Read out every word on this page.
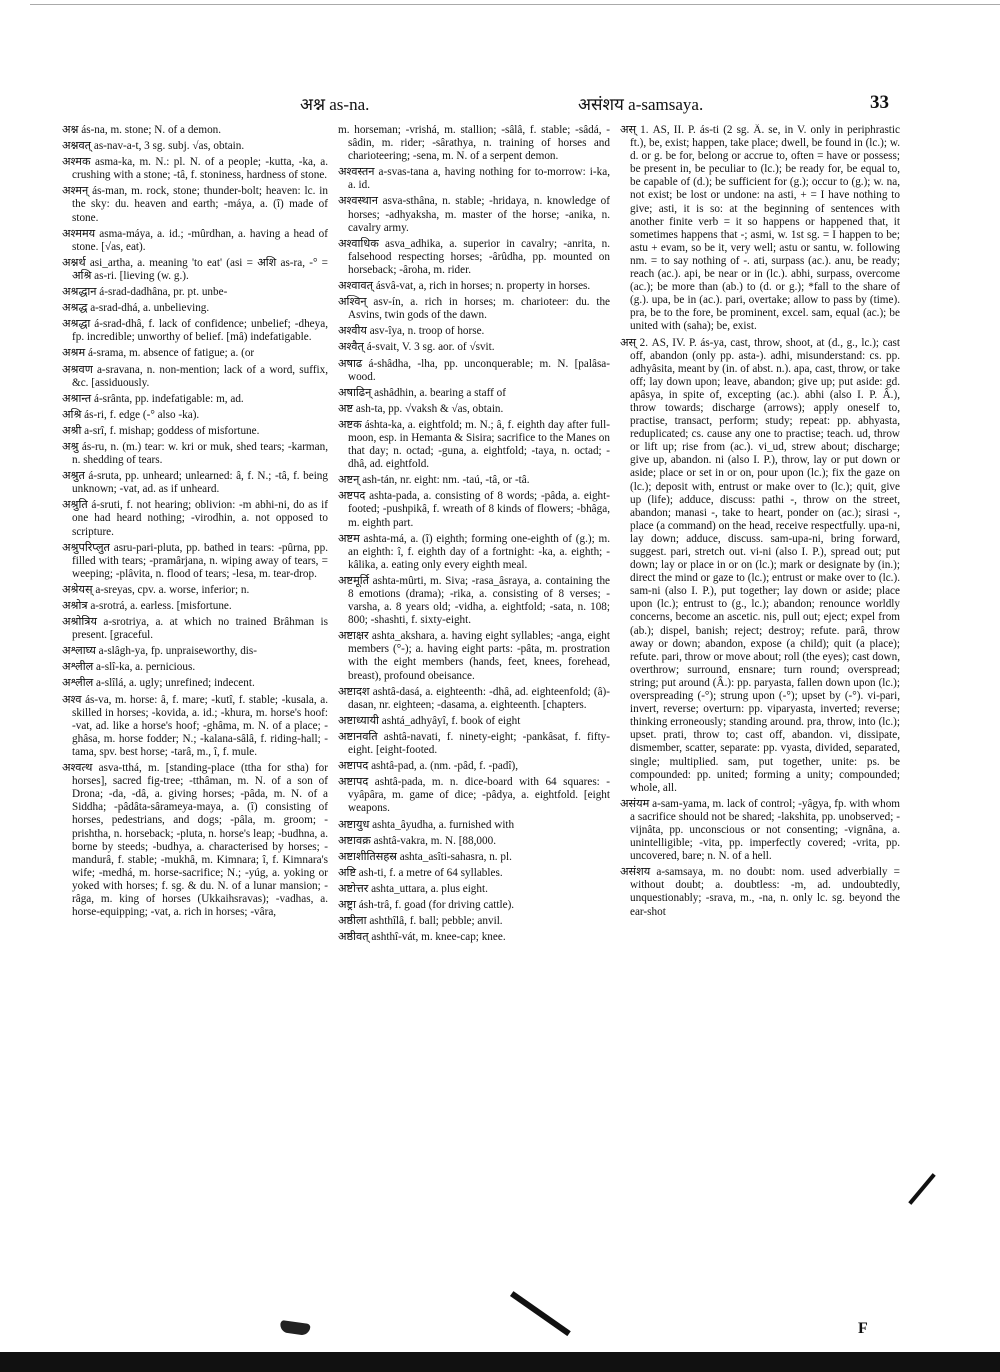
अश्न as-na.	असंशय a-samsaya.	33

अश्न ás-na, m. stone; N. of a demon.

अश्नवत् as-nav-a-t, 3 sg. subj. √as, obtain.

अश्मक asma-ka, m. N.: pl. N. of a people; -kutta, -ka, a. crushing with a stone; -tâ, f. stoniness, hardness of stone.

अश्मन् ás-man, m. rock, stone; thunder-bolt; heaven: lc. in the sky: du. heaven and earth; -máya, a. (î) made of stone.

अश्ममय asma-máya, a. id.; -mûrdhan, a. having a head of stone. [√as, eat).

अश्नर्थ asi_artha, a. meaning 'to eat' (asi = अशि as-ra, -° = अश्रि as-ri. [lieving (w. g.).

अश्रद्धान á-srad-dadhâna, pr. pt. unbe-

अश्रद्ध a-srad-dhá, a. unbelieving.

अश्रद्धा á-srad-dhâ, f. lack of confidence; unbelief; -dheya, fp. incredible; unworthy of belief. [mâ) indefatigable.

अश्रम á-srama, m. absence of fatigue; a. (or

अश्रवण a-sravana, n. non-mention; lack of a word, suffix, &c. [assiduously.

अश्रान्त á-srânta, pp. indefatigable: m, ad.

अश्रि ás-ri, f. edge (-° also -ka).

अश्री a-srî, f. mishap; goddess of misfortune.

अश्रु ás-ru, n. (m.) tear: w. kri or muk, shed tears; -karman, n. shedding of tears.

अश्रुत á-sruta, pp. unheard; unlearned: â, f. N.; -tâ, f. being unknown; -vat, ad. as if unheard.

अश्रुति á-sruti, f. not hearing; oblivion: -m abhi-ni, do as if one had heard nothing; -virodhin, a. not opposed to scripture.

अश्रुपरिप्लुत asru-pari-pluta, pp. bathed in tears: -pûrna, pp. filled with tears; -pramârjana, n. wiping away of tears, = weeping; -plâvita, n. flood of tears; -lesa, m. tear-drop.

अश्रेयस् a-sreyas, cpv. a. worse, inferior; n.

अश्रोत्र a-srotrá, a. earless. [misfortune.

अश्रोत्रिय a-srotriya, a. at which no trained Brâhman is present. [graceful.

अश्लाघ्य a-slâgh-ya, fp. unpraiseworthy, dis-

अश्लील a-slî-ka, a. pernicious.

अश्लील a-slîlá, a. ugly; unrefined; indecent.

अश्व ás-va, m. horse: â, f. mare; -kutî, f. stable; -kusala, a. skilled in horses; -kovida, a. id.; -khura, m. horse's hoof: -vat, ad. like a horse's hoof; -ghâma, m. N. of a place; -ghâsa, m. horse fodder; N.; -kalana-sâlâ, f. riding-hall; -tama, spv. best horse; -tarâ, m., î, f. mule.

अश्वत्थ asva-tthá, m. [standing-place (ttha for stha) for horses], sacred fig-tree; -tthâman, m. N. of a son of Drona; -da, -dâ, a. giving horses; -pâda, m. N. of a Siddha; -pâdâta-sârameya-maya, a. (î) consisting of horses, pedestrians, and dogs; -pâla, m. groom; -prishtha, n. horseback; -pluta, n. horse's leap; -budhna, a. borne by steeds; -budhya, a. characterised by horses; -mandurâ, f. stable; -mukhâ, m. Kimnara; î, f. Kimnara's wife; -medhá, m. horse-sacrifice; N.; -yúg, a. yoking or yoked with horses; f. sg. & du. N. of a lunar mansion; -râga, m. king of horses (Ukkaihsravas); -vadhas, a. horse-equipping; -vat, a. rich in horses; -vâra,

m. horseman; -vrishá, m. stallion; -sâlâ, f. stable; -sâdá, -sâdin, m. rider; -sârathya, n. training of horses and charioteering; -sena, m. N. of a serpent demon.

अश्वस्तन a-svas-tana a, having nothing for to-morrow: i-ka, a. id.

अश्वस्थान asva-sthâna, n. stable; -hridaya, n. knowledge of horses; -adhyaksha, m. master of the horse; -anika, n. cavalry army.

अश्वाधिक asva_adhika, a. superior in cavalry; -anrita, n. falsehood respecting horses; -ârûdha, pp. mounted on horseback; -âroha, m. rider.

अश्वावत् ásvâ-vat, a, rich in horses; n. property in horses.

अश्विन् asv-ín, a. rich in horses; m. charioteer: du. the Asvins, twin gods of the dawn.

अश्वीय asv-îya, n. troop of horse.

अश्वैत् á-svait, V. 3 sg. aor. of √svit.

अषाढ á-shâdha, -lha, pp. unconquerable; m. N. [palâsa-wood.

अषाढिन् ashâdhin, a. bearing a staff of

अष्ट ash-ta, pp. √vaksh & √as, obtain.

अष्टक áshta-ka, a. eightfold; m. N.; â, f. eighth day after full-moon, esp. in Hemanta & Sisira; sacrifice to the Manes on that day; n. octad; -guna, a. eightfold; -taya, n. octad; -dhâ, ad. eightfold.

अष्टन् ash-tán, nr. eight: nm. -taú, -tâ, or -tâ.

अष्टपद ashta-pada, a. consisting of 8 words; -pâda, a. eight-footed; -pushpikâ, f. wreath of 8 kinds of flowers; -bhâga, m. eighth part.

अष्टम ashta-má, a. (î) eighth; forming one-eighth of (g.); m. an eighth: î, f. eighth day of a fortnight: -ka, a. eighth; -kâlika, a. eating only every eighth meal.

अष्टमूर्ति ashta-mûrti, m. Siva; -rasa_âsraya, a. containing the 8 emotions (drama); -rika, a. consisting of 8 verses; -varsha, a. 8 years old; -vidha, a. eightfold; -sata, n. 108; 800; -shashti, f. sixty-eight.

अष्टाक्षर ashta_akshara, a. having eight syllables; -anga, eight members (°-); a. having eight parts: -pâta, m. prostration with the eight members (hands, feet, knees, forehead, breast), profound obeisance.

अष्टादश ashtâ-dasá, a. eighteenth: -dhâ, ad. eighteenfold; (â)-dasan, nr. eighteen; -dasama, a. eighteenth. [chapters.

अष्टाध्यायी ashtá_adhyâyî, f. book of eight

अष्टानवति ashtâ-navati, f. ninety-eight; -pankâsat, f. fifty-eight. [eight-footed.

अष्टापद ashtâ-pad, a. (nm. -pâd, f. -padî),

अष्टापद ashtâ-pada, m. n. dice-board with 64 squares: -vyâpâra, m. game of dice; -pâdya, a. eightfold. [eight weapons.

अष्टायुध ashta_âyudha, a. furnished with

अष्टावक्र ashtâ-vakra, m. N. [88,000.

अष्टाशीतिसहस्र ashta_asîti-sahasra, n. pl.

अष्टि ash-ti, f. a metre of 64 syllables.

अष्टोत्तर ashta_uttara, a. plus eight.

अष्ट्रा ásh-trâ, f. goad (for driving cattle).

अष्ठीला ashthîlâ, f. ball; pebble; anvil.

अष्ठीवत् ashthî-vát, m. knee-cap; knee.

अस् 1. AS, II. P. ás-ti (2 sg. Â. se, in V. only in periphrastic ft.), be, exist; happen, take place; dwell, be found in (lc.); w. d. or g. be for, belong or accrue to, often = have or possess; be present in, be peculiar to (lc.); be ready for, be equal to, be capable of (d.); be sufficient for (g.); occur to (g.); w. na, not exist; be lost or undone: na asti, + = I have nothing to give; asti, it is so: at the beginning of sentences with another finite verb = it so happens or happened that, it sometimes happens that -; asmi, w. 1st sg. = I happen to be; astu + evam, so be it, very well; astu or santu, w. following nm. = to say nothing of -. ati, surpass (ac.). anu, be ready; reach (ac.). api, be near or in (lc.). abhi, surpass, overcome (ac.); be more than (ab.) to (d. or g.); *fall to the share of (g.). upa, be in (ac.). pari, overtake; allow to pass by (time). pra, be to the fore, be prominent, excel. sam, equal (ac.); be united with (saha); be, exist.

अस् 2. AS, IV. P. ás-ya, cast, throw, shoot, at (d., g., lc.); cast off, abandon (only pp. asta-). adhi, misunderstand: cs. pp. adhyâsita, meant by (in. of abst. n.). apa, cast, throw, or take off; lay down upon; leave, abandon; give up; put aside: gd. apâsya, in spite of, excepting (ac.). abhi (also I. P. Â.), throw towards; discharge (arrows); apply oneself to, practise, transact, perform; study; repeat: pp. abhyasta, reduplicated; cs. cause any one to practise; teach. ud, throw or lift up; rise from (ac.). vi_ud, strew about; discharge; give up, abandon. ni (also I. P.), throw, lay or put down or aside; place or set in or on, pour upon (lc.); fix the gaze on (lc.); deposit with, entrust or make over to (lc.); quit, give up (life); adduce, discuss: pathi -, throw on the street, abandon; manasi -, take to heart, ponder on (ac.); sirasi -, place (a command) on the head, receive respectfully. upa-ni, lay down; adduce, discuss. sam-upa-ni, bring forward, suggest. pari, stretch out. vi-ni (also I. P.), spread out; put down; lay or place in or on (lc.); mark or designate by (in.); direct the mind or gaze to (lc.); entrust or make over to (lc.). sam-ni (also I. P.), put together; lay down or aside; place upon (lc.); entrust to (g., lc.); abandon; renounce worldly concerns, become an ascetic. nis, pull out; eject; expel from (ab.); dispel, banish; reject; destroy; refute. parâ, throw away or down; abandon, expose (a child); quit (a place); refute. pari, throw or move about; roll (the eyes); cast down, overthrow; surround, ensnare; turn round; overspread; string; put around (Â.): pp. paryasta, fallen down upon (lc.); overspreading (-°); strung upon (-°); upset by (-°). vi-pari, invert, reverse; overturn: pp. viparyasta, inverted; reverse; thinking erroneously; standing around. pra, throw, into (lc.); upset. prati, throw to; cast off, abandon. vi, dissipate, dismember, scatter, separate: pp. vyasta, divided, separated, single; multiplied. sam, put together, unite: ps. be compounded: pp. united; forming a unity; compounded; whole, all.

असंयम a-sam-yama, m. lack of control; -yâgya, fp. with whom a sacrifice should not be shared; -lakshita, pp. unobserved; -vijnâta, pp. unconscious or not consenting; -vignâna, a. unintelligible; -vita, pp. imperfectly covered; -vrita, pp. uncovered, bare; n. N. of a hell.

असंशय a-samsaya, m. no doubt: nom. used adverbially = without doubt; a. doubtless: -m, ad. undoubtedly, unquestionably; -srava, m., -na, n. only lc. sg. beyond the ear-shot

F
